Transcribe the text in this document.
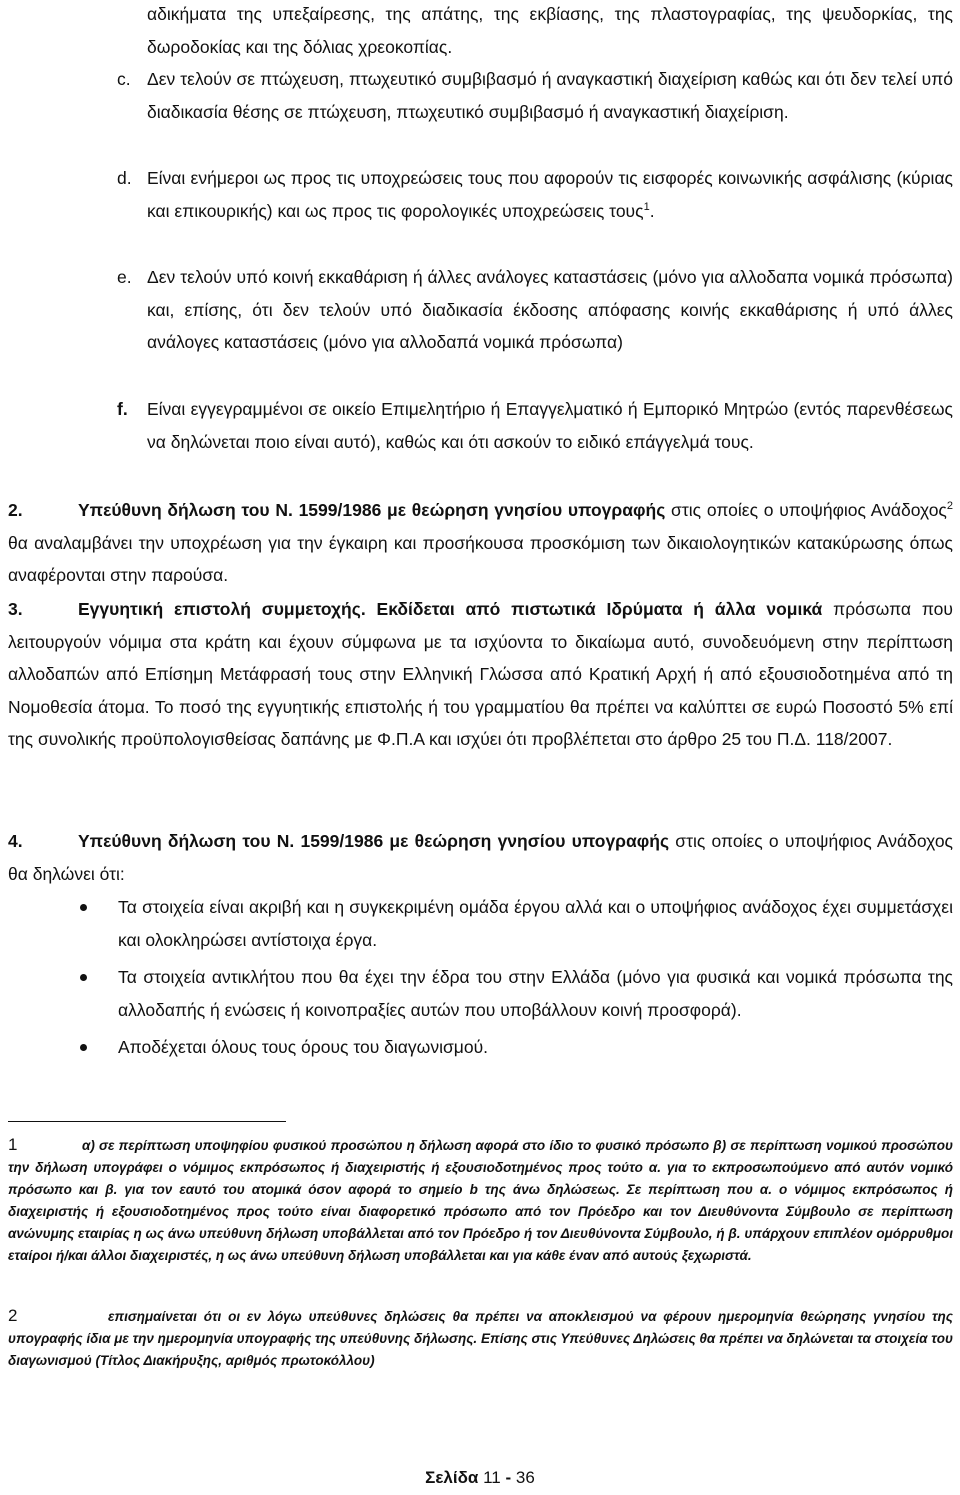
αδικήματα της υπεξαίρεσης, της απάτης, της εκβίασης, της πλαστογραφίας, της ψευδορκίας, της δωροδοκίας και της δόλιας χρεοκοπίας.
c. Δεν τελούν σε πτώχευση, πτωχευτικό συμβιβασμό ή αναγκαστική διαχείριση καθώς και ότι δεν τελεί υπό διαδικασία θέσης σε πτώχευση, πτωχευτικό συμβιβασμό ή αναγκαστική διαχείριση.
d. Είναι ενήμεροι ως προς τις υποχρεώσεις τους που αφορούν τις εισφορές κοινωνικής ασφάλισης (κύριας και επικουρικής) και ως προς τις φορολογικές υποχρεώσεις τους$^1$.
e. Δεν τελούν υπό κοινή εκκαθάριση ή άλλες ανάλογες καταστάσεις (μόνο για αλλοδαπα νομικά πρόσωπα) και, επίσης, ότι δεν τελούν υπό διαδικασία έκδοσης απόφασης κοινής εκκαθάρισης ή υπό άλλες ανάλογες καταστάσεις (μόνο για αλλοδαπά νομικά πρόσωπα)
f.	Είναι εγγεγραμμένοι σε οικείο Επιμελητήριο ή Επαγγελματικό ή Εμπορικό Μητρώο (εντός παρενθέσεως να δηλώνεται ποιο είναι αυτό), καθώς και ότι ασκούν το ειδικό επάγγελμά τους.
2.	Υπεύθυνη δήλωση του Ν. 1599/1986 με θεώρηση γνησίου υπογραφής στις οποίες ο υποψήφιος Ανάδοχος$^2$ θα αναλαμβάνει την υποχρέωση για την έγκαιρη και προσήκουσα προσκόμιση των δικαιολογητικών κατακύρωσης όπως αναφέρονται στην παρούσα.
3.	Εγγυητική επιστολή συμμετοχής. Εκδίδεται από πιστωτικά Ιδρύματα ή άλλα νομικά πρόσωπα που λειτουργούν νόμιμα στα κράτη και έχουν σύμφωνα με τα ισχύοντα το δικαίωμα αυτό, συνοδευόμενη στην περίπτωση αλλοδαπών από Επίσημη Μετάφρασή τους στην Ελληνική Γλώσσα από Κρατική Αρχή ή από εξουσιοδοτημένα από τη Νομοθεσία άτομα. Το ποσό της εγγυητικής επιστολής ή του γραμματίου θα πρέπει να καλύπτει σε ευρώ Ποσοστό 5% επί της συνολικής προϋπολογισθείσας δαπάνης με Φ.Π.Α και ισχύει ότι προβλέπεται στο άρθρο 25 του Π.Δ. 118/2007.
4.	Υπεύθυνη δήλωση του Ν. 1599/1986 με θεώρηση γνησίου υπογραφής στις οποίες ο υποψήφιος Ανάδοχος θα δηλώνει ότι:
Τα στοιχεία είναι ακριβή και η συγκεκριμένη ομάδα έργου αλλά και ο υποψήφιος ανάδοχος έχει συμμετάσχει και ολοκληρώσει αντίστοιχα έργα.
Τα στοιχεία αντικλήτου που θα έχει την έδρα του στην Ελλάδα (μόνο για φυσικά και νομικά πρόσωπα της αλλοδαπής ή ενώσεις ή κοινοπραξίες αυτών που υποβάλλουν κοινή προσφορά).
Αποδέχεται όλους τους όρους του διαγωνισμού.
1	α) σε περίπτωση υποψηφίου φυσικού προσώπου η δήλωση αφορά στο ίδιο το φυσικό πρόσωπο β) σε περίπτωση νομικού προσώπου την δήλωση υπογράφει ο νόμιμος εκπρόσωπος ή διαχειριστής ή εξουσιοδοτημένος προς τούτο α. για το εκπροσωπούμενο από αυτόν νομικό πρόσωπο και β. για τον εαυτό του ατομικά όσον αφορά το σημείο b της άνω δηλώσεως. Σε περίπτωση που α. ο νόμιμος εκπρόσωπος ή διαχειριστής ή εξουσιοδοτημένος προς τούτο είναι διαφορετικό πρόσωπο από τον Πρόεδρο και τον Διευθύνοντα Σύμβουλο σε περίπτωση ανώνυμης εταιρίας η ως άνω υπεύθυνη δήλωση υποβάλλεται από τον Πρόεδρο ή τον Διευθύνοντα Σύμβουλο, ή β. υπάρχουν επιπλέον ομόρρυθμοι εταίροι ή/και άλλοι διαχειριστές, η ως άνω υπεύθυνη δήλωση υποβάλλεται και για κάθε έναν από αυτούς ξεχωριστά.
2	επισημαίνεται ότι οι εν λόγω υπεύθυνες δηλώσεις θα πρέπει να αποκλεισμού να φέρουν ημερομηνία θεώρησης γνησίου της υπογραφής ίδια με την ημερομηνία υπογραφής της υπεύθυνης δήλωσης. Επίσης στις Υπεύθυνες Δηλώσεις θα πρέπει να δηλώνεται τα στοιχεία του διαγωνισμού (Τίτλος Διακήρυξης, αριθμός πρωτοκόλλου)
Σελίδα 11 - 36
